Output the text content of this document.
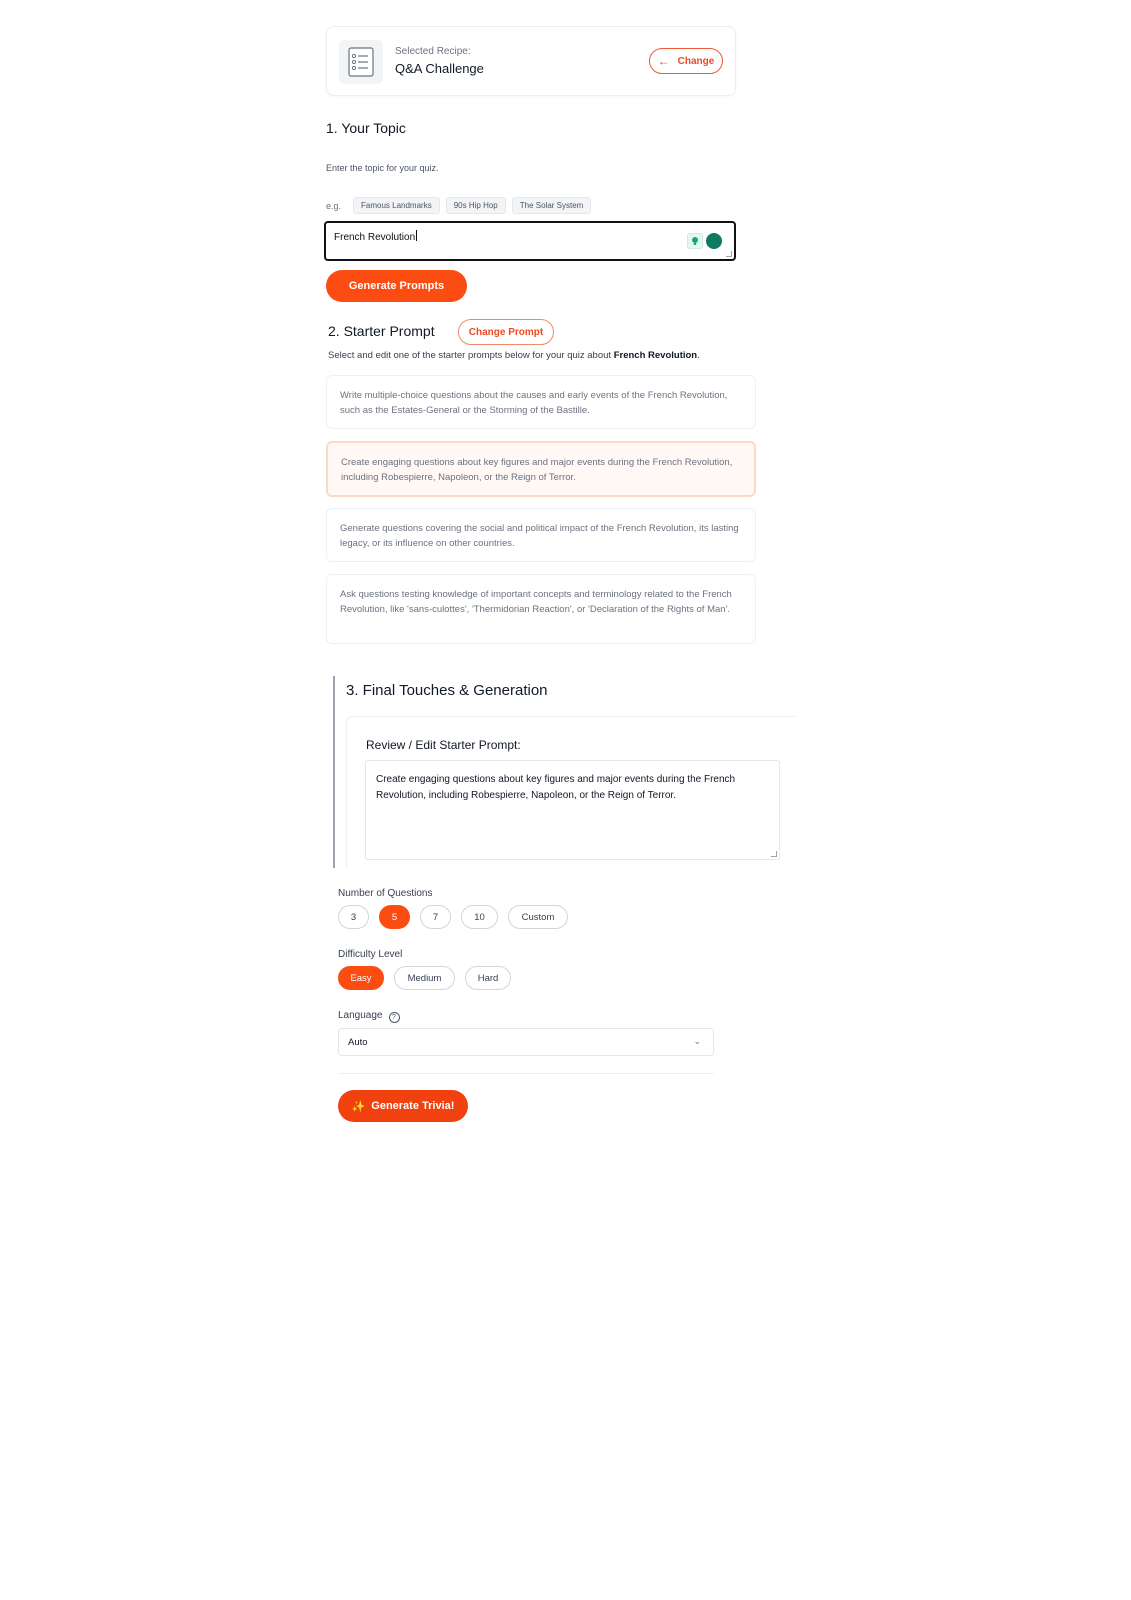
Selected Recipe:
Q&A Challenge	← Change
1. Your Topic
Enter the topic for your quiz.
e.g.	Famous Landmarks	90s Hip Hop	The Solar System
French Revolution
Generate Prompts
2. Starter Prompt	Change Prompt
Select and edit one of the starter prompts below for your quiz about French Revolution.
Write multiple-choice questions about the causes and early events of the French Revolution, such as the Estates-General or the Storming of the Bastille.
Create engaging questions about key figures and major events during the French Revolution, including Robespierre, Napoleon, or the Reign of Terror.
Generate questions covering the social and political impact of the French Revolution, its lasting legacy, or its influence on other countries.
Ask questions testing knowledge of important concepts and terminology related to the French Revolution, like 'sans-culottes', 'Thermidorian Reaction', or 'Declaration of the Rights of Man'.
3. Final Touches & Generation
Review / Edit Starter Prompt:
Create engaging questions about key figures and major events during the French Revolution, including Robespierre, Napoleon, or the Reign of Terror.
Number of Questions
3	5	7	10	Custom
Difficulty Level
Easy	Medium	Hard
Language ?
Auto	⌄
✨ Generate Trivia!
